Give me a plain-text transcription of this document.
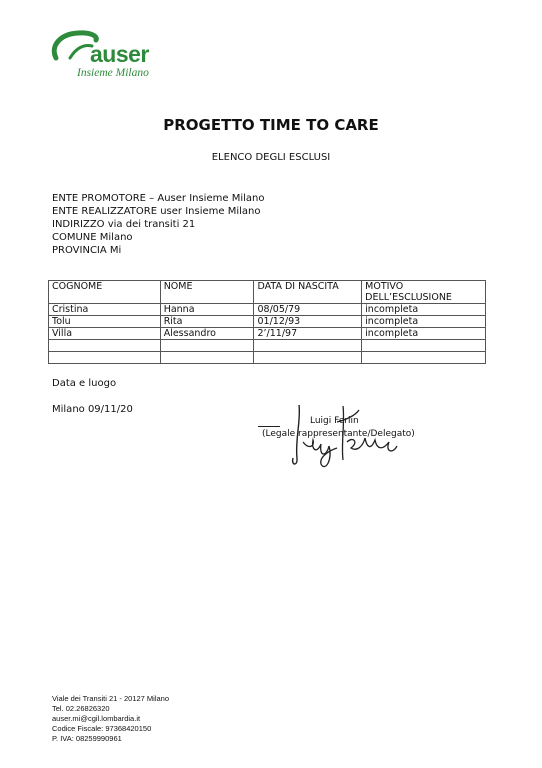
auser
Insieme Milano
PROGETTO TIME TO CARE
ELENCO DEGLI ESCLUSI
ENTE PROMOTORE – Auser Insieme Milano
ENTE REALIZZATORE user Insieme Milano
INDIRIZZO via dei transiti 21
COMUNE Milano
PROVINCIA Mi
COGNOME	NOME	DATA DI NASCITA	MOTIVO
DELL’ESCLUSIONE

Cristina	Hanna	08/05/79	incompleta
Tolu	Rita	01/12/93	incompleta
Villa	Alessandro	2’/11/97	incompleta

Data e luogo
Milano 09/11/20
Luigi Ferlin
(Legale rappresentante/Delegato)
Viale dei Transiti 21 - 20127 Milano
Tel. 02.26826320
auser.mi@cgil.lombardia.it
Codice Fiscale: 97368420150
P. IVA: 08259990961
